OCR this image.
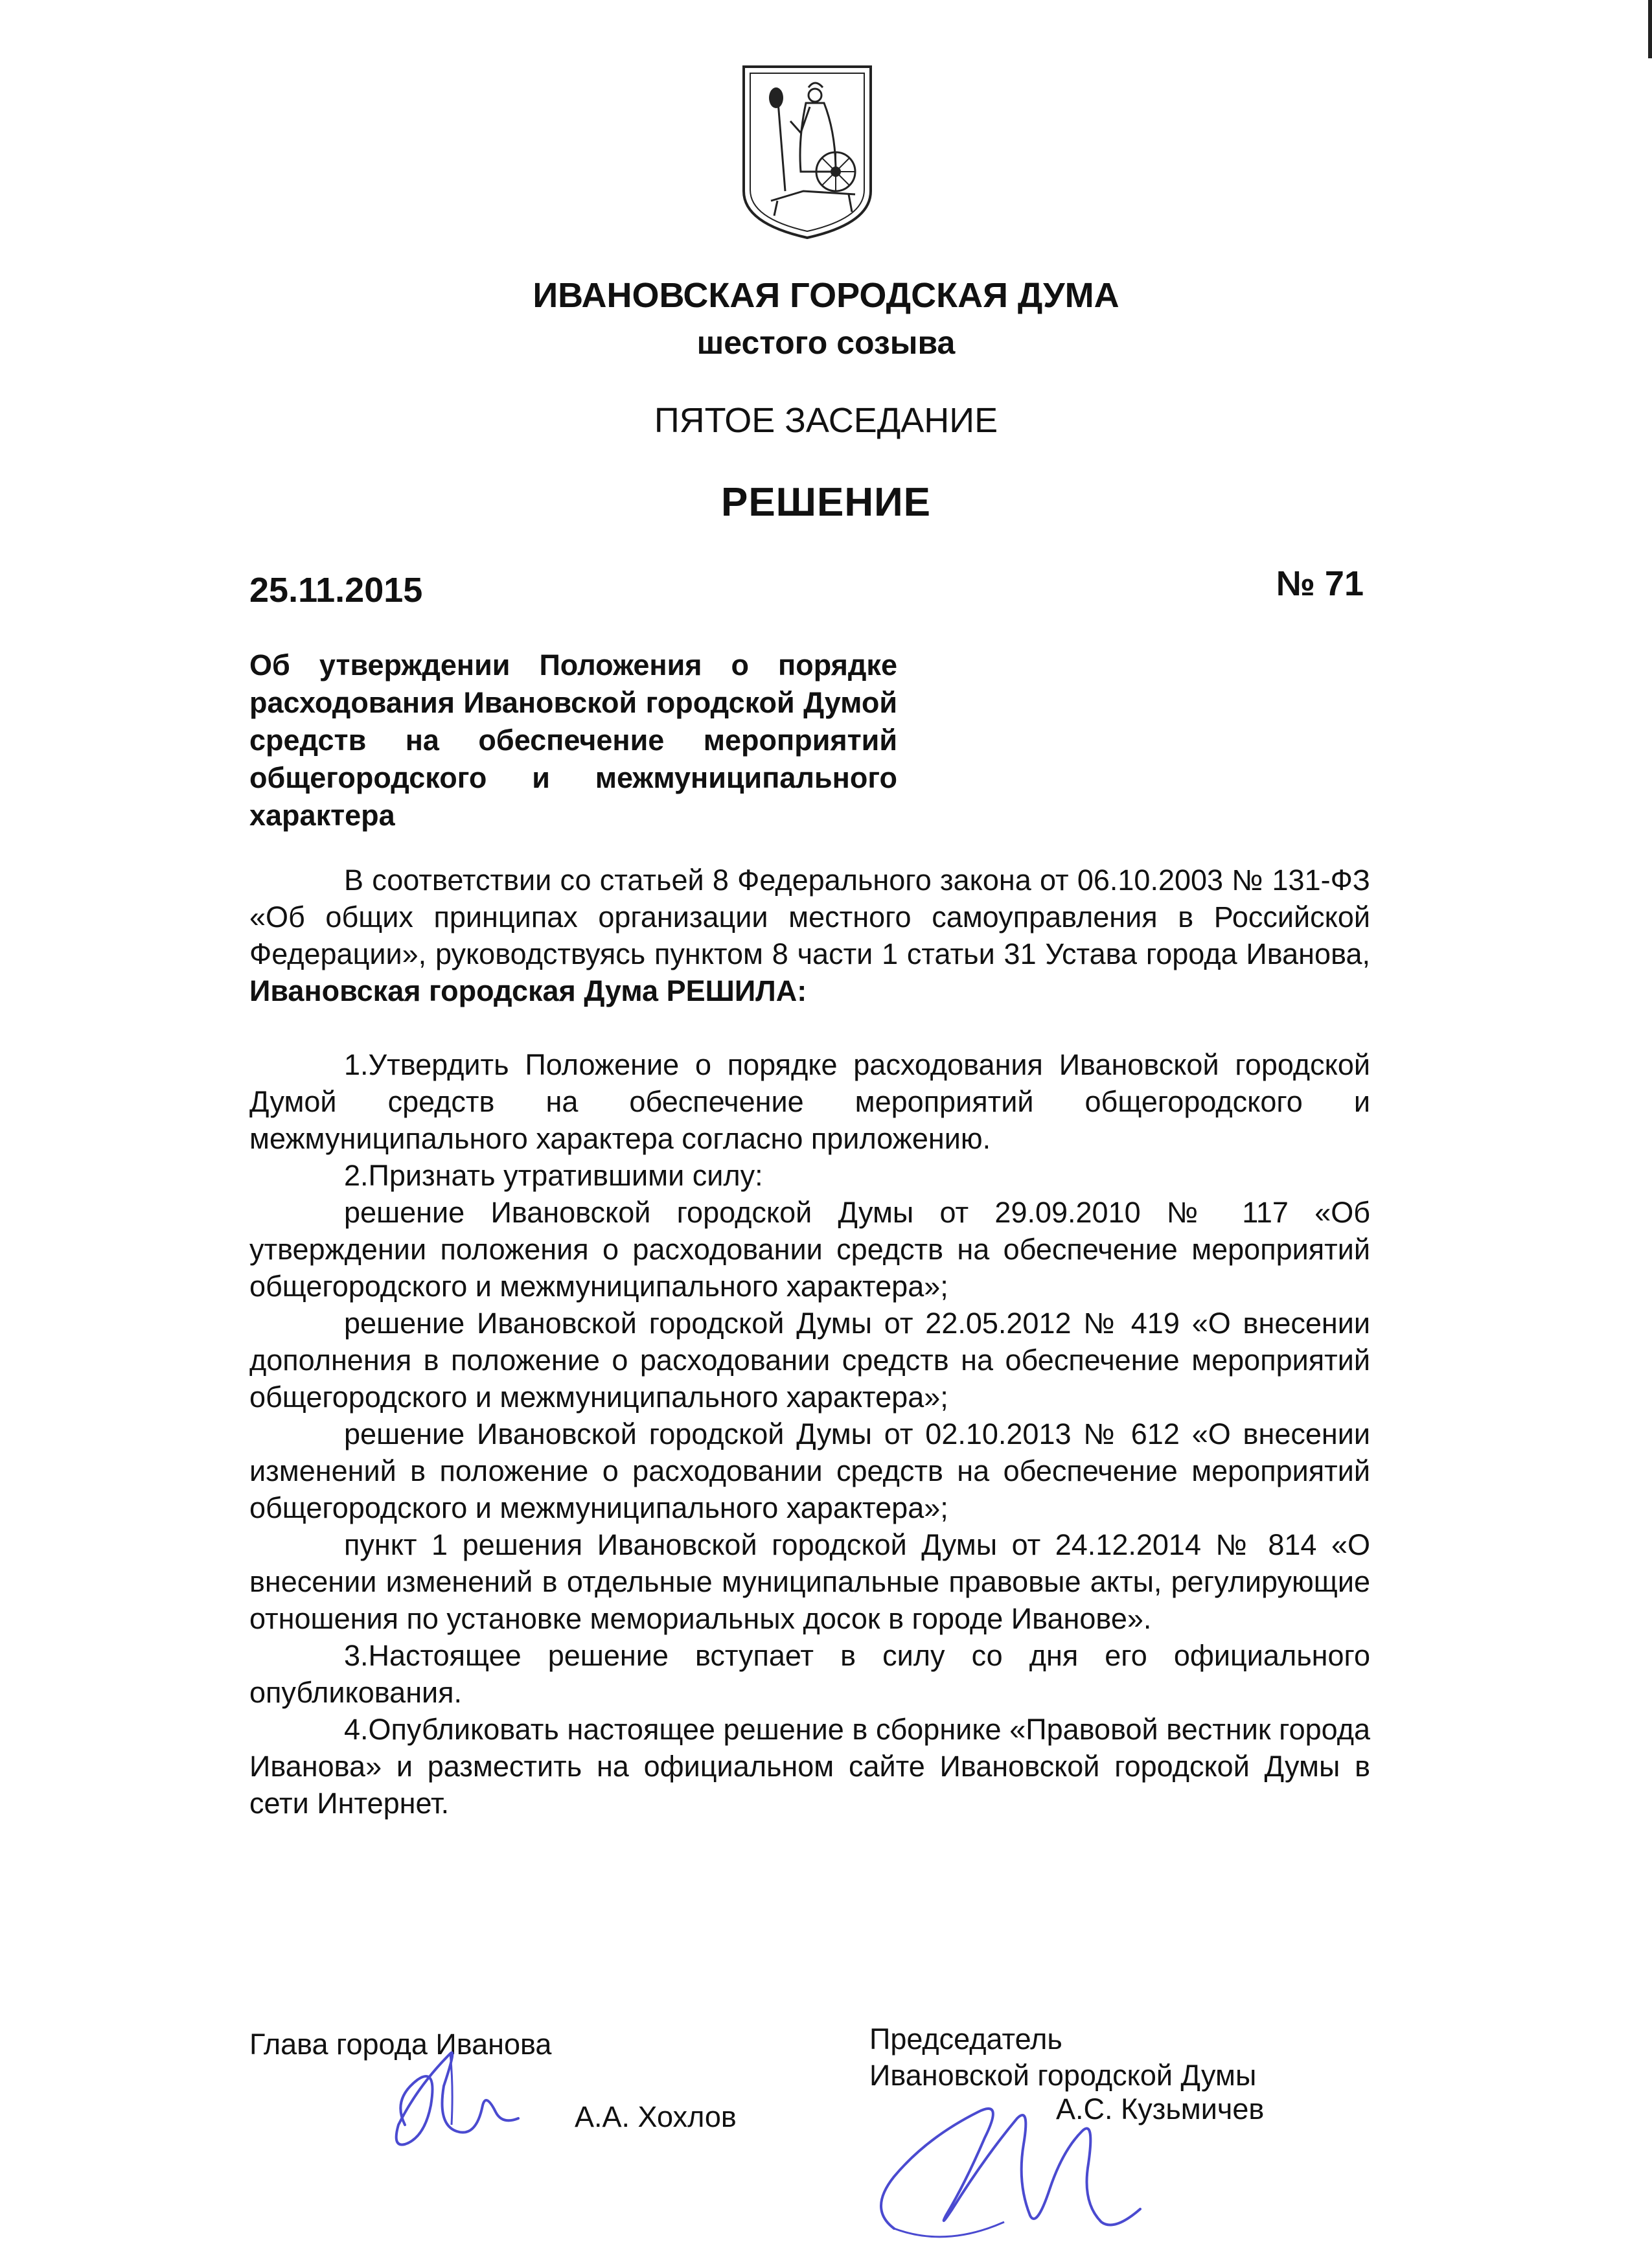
ИВАНОВСКАЯ ГОРОДСКАЯ ДУМА
шестого созыва
ПЯТОЕ ЗАСЕДАНИЕ
РЕШЕНИЕ
25.11.2015	№ 71
Об утверждении Положения о порядке расходования Ивановской городской Думой средств на обеспечение мероприятий общегородского и межмуниципального характера

В соответствии со статьей 8 Федерального закона от 06.10.2003 № 131-ФЗ «Об общих принципах организации местного самоуправления в Российской Федерации», руководствуясь пунктом 8 части 1 статьи 31 Устава города Иванова, Ивановская городская Дума РЕШИЛА:

1.Утвердить Положение о порядке расходования Ивановской городской Думой средств на обеспечение мероприятий общегородского и межмуниципального характера согласно приложению.

2.Признать утратившими силу:

решение Ивановской городской Думы от 29.09.2010 № 117 «Об утверждении положения о расходовании средств на обеспечение мероприятий общегородского и межмуниципального характера»;

решение Ивановской городской Думы от 22.05.2012 № 419 «О внесении дополнения в положение о расходовании средств на обеспечение мероприятий общегородского и межмуниципального характера»;

решение Ивановской городской Думы от 02.10.2013 № 612 «О внесении изменений в положение о расходовании средств на обеспечение мероприятий общегородского и межмуниципального характера»;

пункт 1 решения Ивановской городской Думы от 24.12.2014 № 814 «О внесении изменений в отдельные муниципальные правовые акты, регулирующие отношения по установке мемориальных досок в городе Иванове».

3.Настоящее решение вступает в силу со дня его официального опубликования.

4.Опубликовать настоящее решение в сборнике «Правовой вестник города Иванова» и разместить на официальном сайте Ивановской городской Думы в сети Интернет.

Глава города Иванова
А.А. Хохлов
Председатель
Ивановской городской Думы
А.С. Кузьмичев
